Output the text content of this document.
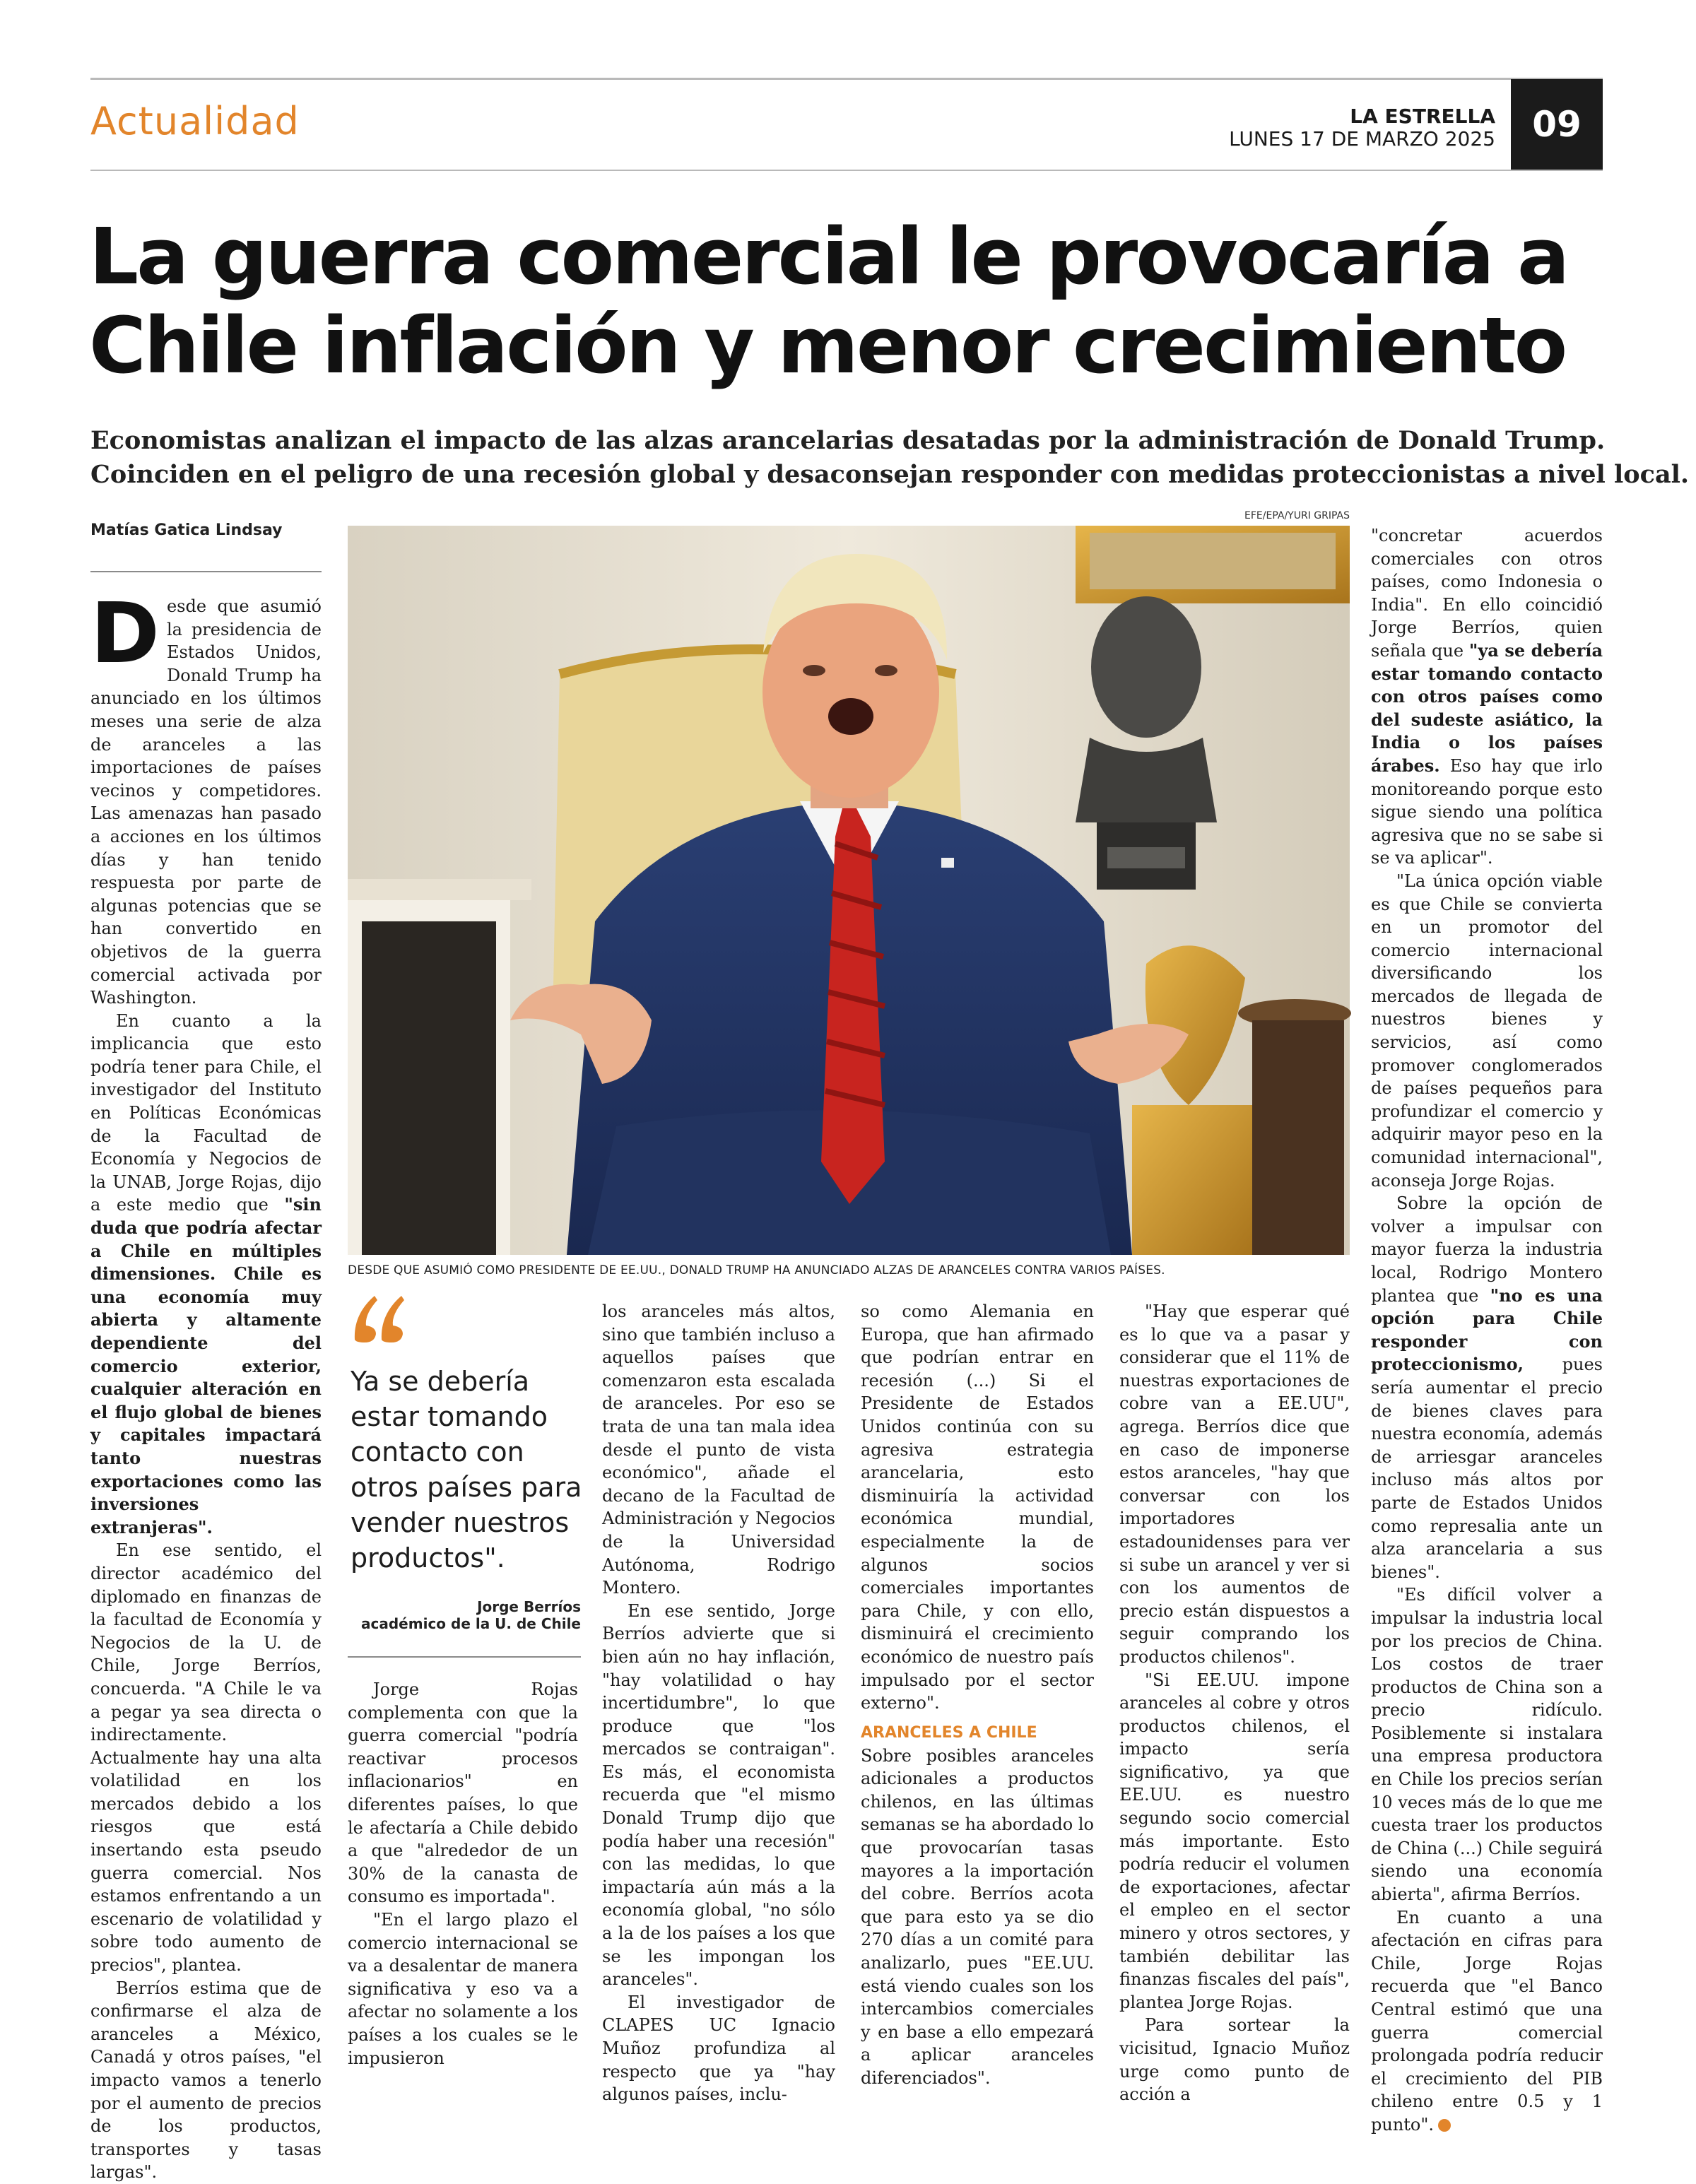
Actualidad	LA ESTRELLA
LUNES 17 DE MARZO 2025	09
La guerra comercial le provocaría a
Chile inflación y menor crecimiento
Economistas analizan el impacto de las alzas arancelarias desatadas por la administración de Donald Trump.
Coinciden en el peligro de una recesión global y desaconsejan responder con medidas proteccionistas a nivel local.
Matías Gatica Lindsay
EFE/EPA/YURI GRIPAS
DESDE QUE ASUMIÓ COMO PRESIDENTE DE EE.UU., DONALD TRUMP HA ANUNCIADO ALZAS DE ARANCELES CONTRA VARIOS PAÍSES.

Desde que asumió la presidencia de Estados Unidos, Donald Trump ha anunciado en los últimos meses una serie de alza de aranceles a las importaciones de países vecinos y competidores. Las amenazas han pasado a acciones en los últimos días y han tenido respuesta por parte de algunas potencias que se han convertido en objetivos de la guerra comercial activada por Washington.

En cuanto a la implicancia que esto podría tener para Chile, el investigador del Instituto en Políticas Económicas de la Facultad de Economía y Negocios de la UNAB, Jorge Rojas, dijo a este medio que "sin duda que podría afectar a Chile en múltiples dimensiones. Chile es una economía muy abierta y altamente dependiente del comercio exterior, cualquier alteración en el flujo global de bienes y capitales impactará tanto nuestras exportaciones como las inversiones extranjeras".

En ese sentido, el director académico del diplomado en finanzas de la facultad de Economía y Negocios de la U. de Chile, Jorge Berríos, concuerda. "A Chile le va a pegar ya sea directa o indirectamente. Actualmente hay una alta volatilidad en los mercados debido a los riesgos que está insertando esta pseudo guerra comercial. Nos estamos enfrentando a un escenario de volatilidad y sobre todo aumento de precios", plantea.

Berríos estima que de confirmarse el alza de aranceles a México, Canadá y otros países, "el impacto vamos a tenerlo por el aumento de precios de los productos, transportes y tasas largas".

Ya se debería estar tomando contacto con otros países para vender nuestros productos".
Jorge Berríos
académico de la U. de Chile

Jorge Rojas complementa con que la guerra comercial "podría reactivar procesos inflacionarios" en diferentes países, lo que le afectaría a Chile debido a que "alrededor de un 30% de la canasta de consumo es importada".

"En el largo plazo el comercio internacional se va a desalentar de manera significativa y eso va a afectar no solamente a los países a los cuales se le impusieron

los aranceles más altos, sino que también incluso a aquellos países que comenzaron esta escalada de aranceles. Por eso se trata de una tan mala idea desde el punto de vista económico", añade el decano de la Facultad de Administración y Negocios de la Universidad Autónoma, Rodrigo Montero.

En ese sentido, Jorge Berríos advierte que si bien aún no hay inflación, "hay volatilidad o hay incertidumbre", lo que produce que "los mercados se contraigan". Es más, el economista recuerda que "el mismo Donald Trump dijo que podía haber una recesión" con las medidas, lo que impactaría aún más a la economía global, "no sólo a la de los países a los que se les impongan los aranceles".

El investigador de CLAPES UC Ignacio Muñoz profundiza al respecto que ya "hay algunos países, inclu-

so como Alemania en Europa, que han afirmado que podrían entrar en recesión (...) Si el Presidente de Estados Unidos continúa con su agresiva estrategia arancelaria, esto disminuiría la actividad económica mundial, especialmente la de algunos socios comerciales importantes para Chile, y con ello, disminuirá el crecimiento económico de nuestro país impulsado por el sector externo".

ARANCELES A CHILE

Sobre posibles aranceles adicionales a productos chilenos, en las últimas semanas se ha abordado lo que provocarían tasas mayores a la importación del cobre. Berríos acota que para esto ya se dio 270 días a un comité para analizarlo, pues "EE.UU. está viendo cuales son los intercambios comerciales y en base a ello empezará a aplicar aranceles diferenciados".

"Hay que esperar qué es lo que va a pasar y considerar que el 11% de nuestras exportaciones de cobre van a EE.UU", agrega. Berríos dice que en caso de imponerse estos aranceles, "hay que conversar con los importadores estadounidenses para ver si sube un arancel y ver si con los aumentos de precio están dispuestos a seguir comprando los productos chilenos".

"Si EE.UU. impone aranceles al cobre y otros productos chilenos, el impacto sería significativo, ya que EE.UU. es nuestro segundo socio comercial más importante. Esto podría reducir el volumen de exportaciones, afectar el empleo en el sector minero y otros sectores, y también debilitar las finanzas fiscales del país", plantea Jorge Rojas.

Para sortear la vicisitud, Ignacio Muñoz urge como punto de acción a

"concretar acuerdos comerciales con otros países, como Indonesia o India". En ello coincidió Jorge Berríos, quien señala que "ya se debería estar tomando contacto con otros países como del sudeste asiático, la India o los países árabes. Eso hay que irlo monitoreando porque esto sigue siendo una política agresiva que no se sabe si se va aplicar".

"La única opción viable es que Chile se convierta en un promotor del comercio internacional diversificando los mercados de llegada de nuestros bienes y servicios, así como promover conglomerados de países pequeños para profundizar el comercio y adquirir mayor peso en la comunidad internacional", aconseja Jorge Rojas.

Sobre la opción de volver a impulsar con mayor fuerza la industria local, Rodrigo Montero plantea que "no es una opción para Chile responder con proteccionismo, pues sería aumentar el precio de bienes claves para nuestra economía, además de arriesgar aranceles incluso más altos por parte de Estados Unidos como represalia ante un alza arancelaria a sus bienes".

"Es difícil volver a impulsar la industria local por los precios de China. Los costos de traer productos de China son a precio ridículo. Posiblemente si instalara una empresa productora en Chile los precios serían 10 veces más de lo que me cuesta traer los productos de China (...) Chile seguirá siendo una economía abierta", afirma Berríos.

En cuanto a una afectación en cifras para Chile, Jorge Rojas recuerda que "el Banco Central estimó que una guerra comercial prolongada podría reducir el crecimiento del PIB chileno entre 0.5 y 1 punto".
